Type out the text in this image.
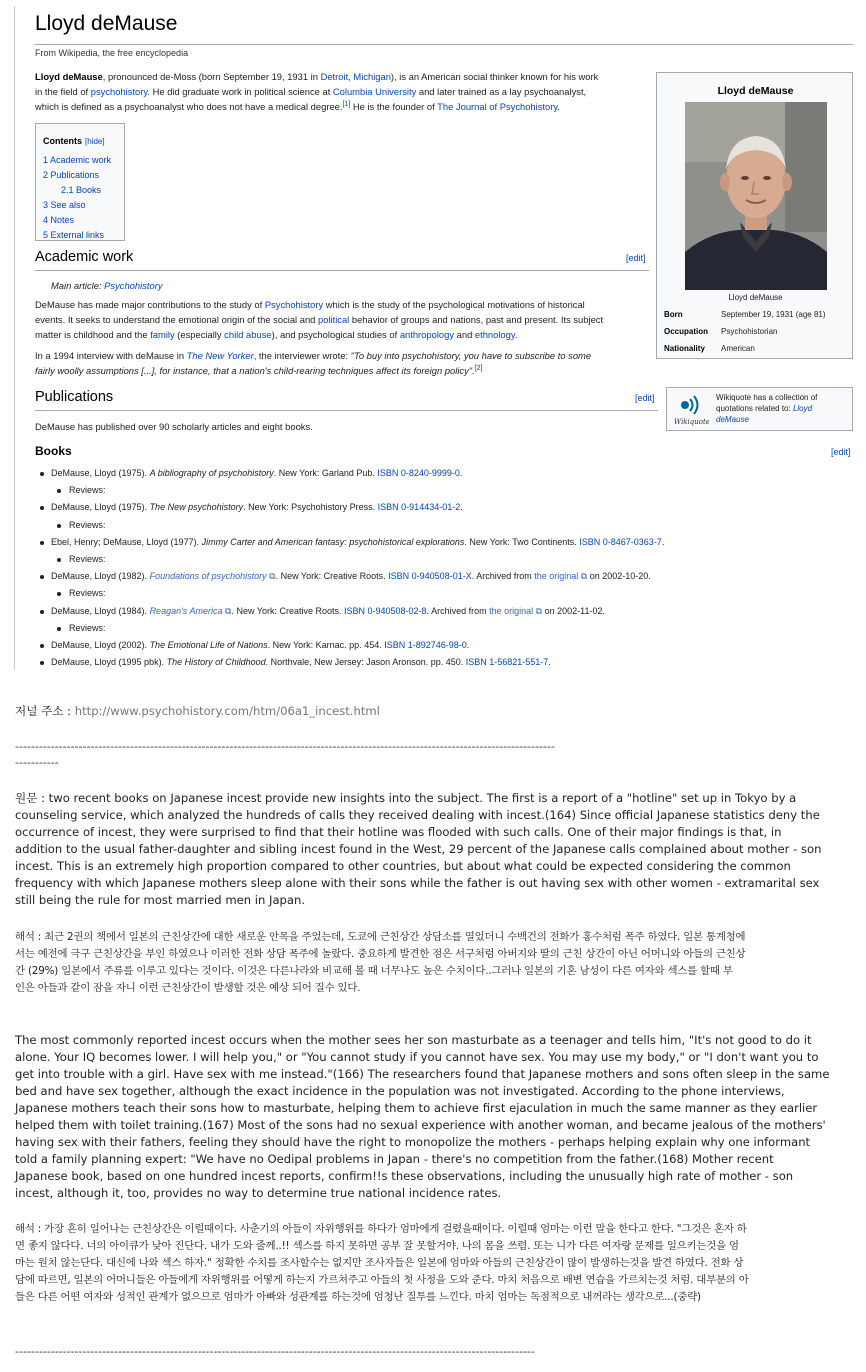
Lloyd deMause
From Wikipedia, the free encyclopedia
Lloyd deMause, pronounced de-Moss (born September 19, 1931 in Detroit, Michigan), is an American social thinker known for his work
in the field of psychohistory. He did graduate work in political science at Columbia University and later trained as a lay psychoanalyst,
which is defined as a psychoanalyst who does not have a medical degree.[1] He is the founder of The Journal of Psychohistory.
Contents [hide]
1 Academic work
2 Publications
2.1 Books
3 See also
4 Notes
5 External links
Academic work	[edit]
Main article: Psychohistory
DeMause has made major contributions to the study of Psychohistory which is the study of the psychological motivations of historical
events. It seeks to understand the emotional origin of the social and political behavior of groups and nations, past and present. Its subject
matter is childhood and the family (especially child abuse), and psychological studies of anthropology and ethnology.
In a 1994 interview with deMause in The New Yorker, the interviewer wrote: "To buy into psychohistory, you have to subscribe to some
fairly woolly assumptions [...], for instance, that a nation's child-rearing techniques affect its foreign policy".[2]
Publications	[edit]
DeMause has published over 90 scholarly articles and eight books.
Books	[edit]
DeMause, Lloyd (1975). A bibliography of psychohistory. New York: Garland Pub. ISBN 0-8240-9999-0.
Reviews:
DeMause, Lloyd (1975). The New psychohistory. New York: Psychohistory Press. ISBN 0-914434-01-2.
Reviews:
Ebel, Henry; DeMause, Lloyd (1977). Jimmy Carter and American fantasy: psychohistorical explorations. New York: Two Continents. ISBN 0-8467-0363-7.
Reviews:
DeMause, Lloyd (1982). Foundations of psychohistory ⧉. New York: Creative Roots. ISBN 0-940508-01-X. Archived from the original ⧉ on 2002-10-20.
Reviews:
DeMause, Lloyd (1984). Reagan's America ⧉. New York: Creative Roots. ISBN 0-940508-02-8. Archived from the original ⧉ on 2002-11-02.
Reviews:
DeMause, Lloyd (2002). The Emotional Life of Nations. New York: Karnac. pp. 454. ISBN 1-892746-98-0.
DeMause, Lloyd (1995 pbk). The History of Childhood. Northvale, New Jersey: Jason Aronson. pp. 450. ISBN 1-56821-551-7.
Lloyd deMause
Lloyd deMause
Born	September 19, 1931 (age 81)
Occupation Psychohistorian
Nationality American
Wikiquote
Wikiquote has a collection of
quotations related to: Lloyd
deMause
저널 주소 : http://www.psychohistory.com/htm/06a1_incest.html
----------------------------------------------------------------------------------------------------------------------------------------
-----------
원문 : two recent books on Japanese incest provide new insights into the subject. The first is a report of a "hotline" set up in Tokyo by a
counseling service, which analyzed the hundreds of calls they received dealing with incest.(164) Since official Japanese statistics deny the
occurrence of incest, they were surprised to find that their hotline was flooded with such calls. One of their major findings is that, in
addition to the usual father-daughter and sibling incest found in the West, 29 percent of the Japanese calls complained about mother - son
incest. This is an extremely high proportion compared to other countries, but about what could be expected considering the common
frequency with which Japanese mothers sleep alone with their sons while the father is out having sex with other women - extramarital sex
still being the rule for most married men in Japan.
해석 : 최근 2권의 책에서 일본의 근친상간에 대한 새로운 안목을 주었는데, 도쿄에 근친상간 상담소를 열었더니 수백건의 전화가 홍수처럼 폭주 하였다. 일본 통계청에
서는 예전에 극구 근친상간을 부인 하였으나 이러한 전화 상담 폭주에 놀랐다. 중요하게 발견한 점은 서구처럼 아버지와 딸의 근친 상간이 아닌 어머니와 아들의 근친상
간 (29%) 일본에서 주류를 이루고 있다는 것이다. 이것은 다른나라와 비교해 볼 때 너무나도 높은 수치이다..그러나 일본의 기혼 남성이 다른 여자와 섹스를 할때 부
인은 아들과 같이 잠을 자니 이런 근친상간이 발생할 것은 예상 되어 질수 있다.
The most commonly reported incest occurs when the mother sees her son masturbate as a teenager and tells him, "It's not good to do it
alone. Your IQ becomes lower. I will help you," or "You cannot study if you cannot have sex. You may use my body," or "I don't want you to
get into trouble with a girl. Have sex with me instead."(166) The researchers found that Japanese mothers and sons often sleep in the same
bed and have sex together, although the exact incidence in the population was not investigated. According to the phone interviews,
Japanese mothers teach their sons how to masturbate, helping them to achieve first ejaculation in much the same manner as they earlier
helped them with toilet training.(167) Most of the sons had no sexual experience with another woman, and became jealous of the mothers'
having sex with their fathers, feeling they should have the right to monopolize the mothers - perhaps helping explain why one informant
told a family planning expert: "We have no Oedipal problems in Japan - there's no competition from the father.(168) Mother recent
Japanese book, based on one hundred incest reports, confirm!!s these observations, including the unusually high rate of mother - son
incest, although it, too, provides no way to determine true national incidence rates.
해석 : 가장 흔히 일어나는 근친상간은 이럴때이다. 사춘기의 아들이 자위행위를 하다가 엄마에게 걸렸을때이다. 이럴때 엄마는 이런 말을 한다고 한다. "그것은 혼자 하
면 좋지 않다다. 너의 아이큐가 낮아 진단다. 내가 도와 줄께..!! 섹스를 하지 못하면 공부 잘 못할거야. 나의 몸을 쓰렴. 또는 니가 다른 여자랑 문제를 일으키는것을 엄
마는 원치 않는단다. 대신에 나와 섹스 하자." 정확한 수치를 조사할수는 없지만 조사자들은 일본에 엄마와 아들의 근친상간이 많이 발생하는것을 발견 하였다. 전화 상
담에 따르면, 일본의 어머니들은 아들에게 자위행위를 어떻게 하는지 가르쳐주고 아들의 첫 사정을 도와 준다. 마치 처음으로 배변 연습을 가르치는것 처럼. 대부분의 아
들은 다른 어떤 여자와 성적인 관계가 없으므로 엄마가 아빠와 성관계를 하는것에 엄청난 질투를 느낀다. 마치 엄마는 독점적으로 내꺼라는 생각으로...(중략)
-----------------------------------------------------------------------------------------------------------------------------------
